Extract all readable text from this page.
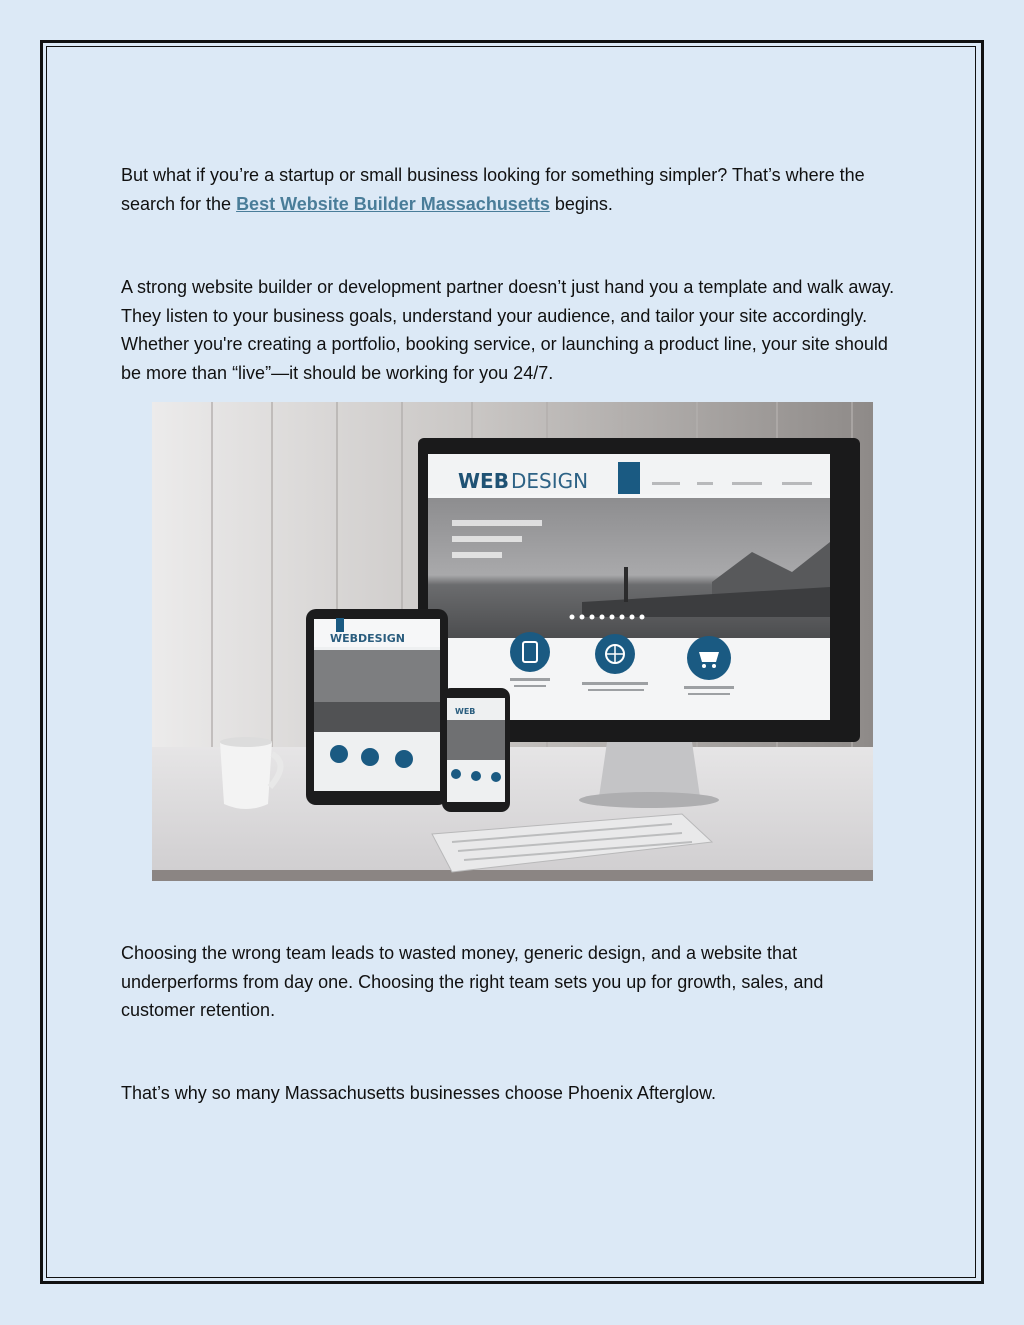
But what if you’re a startup or small business looking for something simpler? That’s where the search for the Best Website Builder Massachusetts begins.

A strong website builder or development partner doesn’t just hand you a template and walk away. They listen to your business goals, understand your audience, and tailor your site accordingly. Whether you're creating a portfolio, booking service, or launching a product line, your site should be more than “live”—it should be working for you 24/7.

WEB DESIGN
WEBDESIGN
WEB

Choosing the wrong team leads to wasted money, generic design, and a website that underperforms from day one. Choosing the right team sets you up for growth, sales, and customer retention.

That’s why so many Massachusetts businesses choose Phoenix Afterglow.
